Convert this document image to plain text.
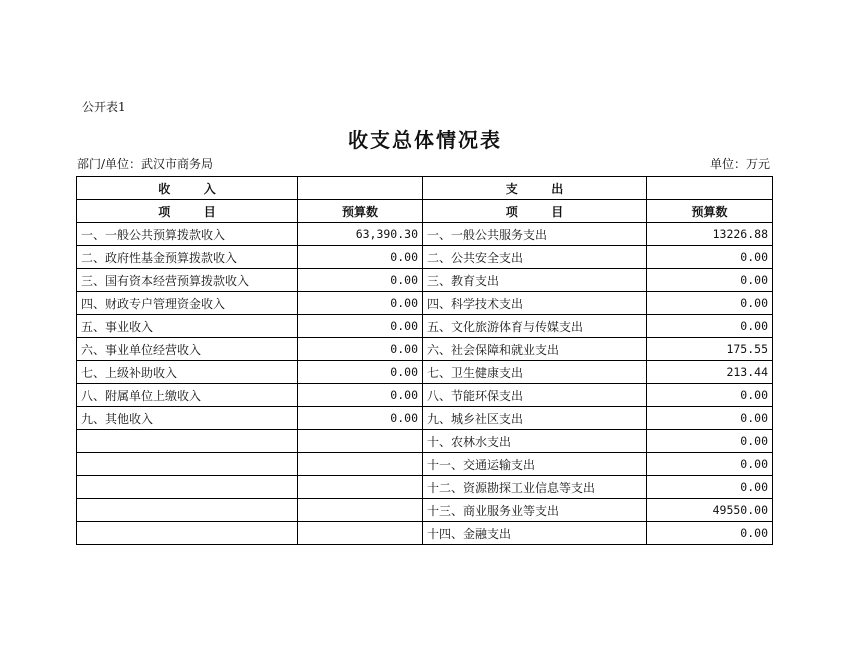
公开表1
收支总体情况表
部门/单位：武汉市商务局	单位：万元
收        入		支        出	
项        目	预算数	项        目	预算数
一、一般公共预算拨款收入	63,390.30	一、一般公共服务支出	13226.88
二、政府性基金预算拨款收入	0.00	二、公共安全支出	0.00
三、国有资本经营预算拨款收入	0.00	三、教育支出	0.00
四、财政专户管理资金收入	0.00	四、科学技术支出	0.00
五、事业收入	0.00	五、文化旅游体育与传媒支出	0.00
六、事业单位经营收入	0.00	六、社会保障和就业支出	175.55
七、上级补助收入	0.00	七、卫生健康支出	213.44
八、附属单位上缴收入	0.00	八、节能环保支出	0.00
九、其他收入	0.00	九、城乡社区支出	0.00
		十、农林水支出	0.00
		十一、交通运输支出	0.00
		十二、资源勘探工业信息等支出	0.00
		十三、商业服务业等支出	49550.00
		十四、金融支出	0.00
